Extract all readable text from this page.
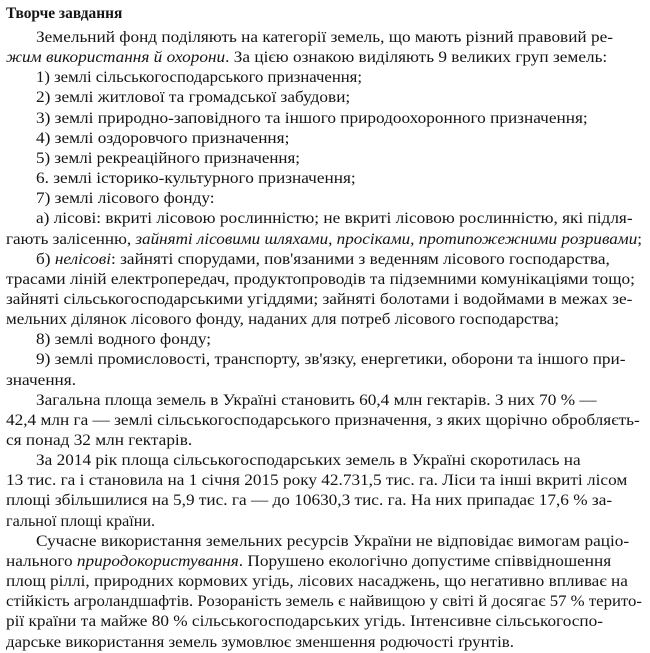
Творче завдання
Земельний фонд поділяють на категорії земель, що мають різний правовий ре-
жим використання й охорони. За цією ознакою виділяють 9 великих груп земель:
1) землі сільськогосподарського призначення;
2) землі житлової та громадської забудови;
3) землі природно-заповідного та іншого природоохоронного призначення;
4) землі оздоровчого призначення;
5) землі рекреаційного призначення;
6. землі історико-культурного призначення;
7) землі лісового фонду:
а) лісові: вкриті лісовою рослинністю; не вкриті лісовою рослинністю, які підля-
гають залісенню, зайняті лісовими шляхами, просіками, протипожежними розривами;
б) нелісові: зайняті спорудами, пов'язаними з веденням лісового господарства,
трасами ліній електропередач, продуктопроводів та підземними комунікаціями тощо;
зайняті сільськогосподарськими угіддями; зайняті болотами і водоймами в межах зе-
мельних ділянок лісового фонду, наданих для потреб лісового господарства;
8) землі водного фонду;
9) землі промисловості, транспорту, зв'язку, енергетики, оборони та іншого при-
значення.
Загальна площа земель в Україні становить 60,4 млн гектарів. З них 70 % —
42,4 млн га — землі сільськогосподарського призначення, з яких щорічно обробляєть-
ся понад 32 млн гектарів.
За 2014 рік площа сільськогосподарських земель в Україні скоротилась на
13 тис. га і становила на 1 січня 2015 року 42.731,5 тис. га. Ліси та інші вкриті лісом
площі збільшилися на 5,9 тис. га — до 10630,3 тис. га. На них припадає 17,6 % за-
гальної площі країни.
Сучасне використання земельних ресурсів України не відповідає вимогам раціо-
нального природокористування. Порушено екологічно допустиме співвідношення
площ ріллі, природних кормових угідь, лісових насаджень, що негативно впливає на
стійкість агроландшафтів. Розораність земель є найвищою у світі й досягає 57 % терито-
рії країни та майже 80 % сільськогосподарських угідь. Інтенсивне сільськогоспо-
дарське використання земель зумовлює зменшення родючості ґрунтів.
